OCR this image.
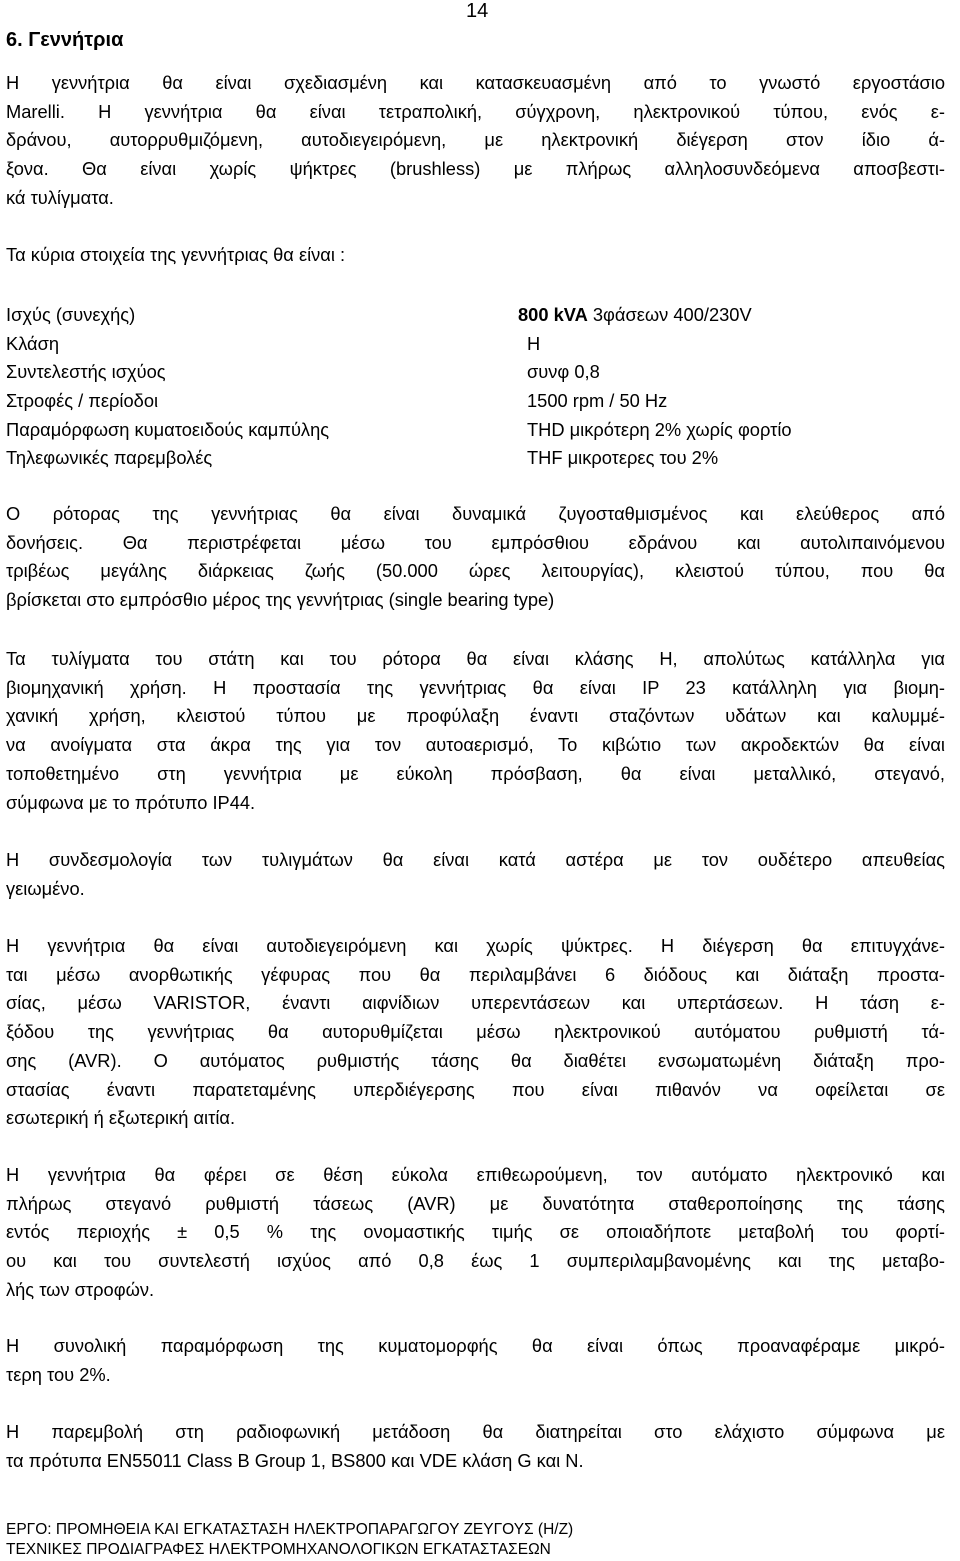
14
6. Γεννήτρια
Η γεννήτρια θα είναι σχεδιασμένη και κατασκευασμένη από το γνωστό εργοστάσιο
Marelli. Η γεννήτρια θα είναι τετραπολική, σύγχρονη, ηλεκτρονικού τύπου, ενός ε-
δράνου, αυτορρυθμιζόμενη, αυτοδιεγειρόμενη, με ηλεκτρονική διέγερση στον ίδιο ά-
ξονα. Θα είναι χωρίς ψήκτρες (brushless) με πλήρως αλληλοσυνδεόμενα αποσβεστι-
κά τυλίγματα.
Τα κύρια στοιχεία της γεννήτριας θα είναι :
Ισχύς (συνεχής)	800 kVA 3φάσεων 400/230V
Κλάση	Η
Συντελεστής ισχύος	συνφ 0,8
Στροφές / περίοδοι	1500 rpm / 50 Hz
Παραμόρφωση κυματοειδούς καμπύλης	THD μικρότερη 2% χωρίς φορτίο
Τηλεφωνικές παρεμβολές	THF μικροτερες του 2%
Ο ρότορας της γεννήτριας θα είναι δυναμικά ζυγοσταθμισμένος και ελεύθερος από
δονήσεις. Θα περιστρέφεται μέσω του εμπρόσθιου εδράνου και αυτολιπαινόμενου
τριβέως μεγάλης διάρκειας ζωής (50.000 ώρες λειτουργίας), κλειστού τύπου, που θα
βρίσκεται στο εμπρόσθιο μέρος της γεννήτριας (single bearing type)
Τα τυλίγματα του στάτη και του ρότορα θα είναι κλάσης Η, απολύτως κατάλληλα για
βιομηχανική χρήση. Η προστασία της γεννήτριας θα είναι IP 23 κατάλληλη για βιομη-
χανική χρήση, κλειστού τύπου με προφύλαξη έναντι σταζόντων υδάτων και καλυμμέ-
να ανοίγματα στα άκρα της για τον αυτοαερισμό, Το κιβώτιο των ακροδεκτών θα είναι
τοποθετημένο στη γεννήτρια με εύκολη πρόσβαση, θα είναι μεταλλικό, στεγανό,
σύμφωνα με το πρότυπο IP44.
Η συνδεσμολογία των τυλιγμάτων θα είναι κατά αστέρα με τον ουδέτερο απευθείας
γειωμένο.
Η γεννήτρια θα είναι αυτοδιεγειρόμενη και χωρίς ψύκτρες. Η διέγερση θα επιτυγχάνε-
ται μέσω ανορθωτικής γέφυρας που θα περιλαμβάνει 6 διόδους και διάταξη προστα-
σίας, μέσω VARISTOR, έναντι αιφνίδιων υπερεντάσεων και υπερτάσεων. Η τάση ε-
ξόδου της γεννήτριας θα αυτορυθμίζεται μέσω ηλεκτρονικού αυτόματου ρυθμιστή τά-
σης (AVR). Ο αυτόματος ρυθμιστής τάσης θα διαθέτει ενσωματωμένη διάταξη προ-
στασίας έναντι παρατεταμένης υπερδιέγερσης που είναι πιθανόν να οφείλεται σε
εσωτερική ή εξωτερική αιτία.
Η γεννήτρια θα φέρει σε θέση εύκολα επιθεωρούμενη, τον αυτόματο ηλεκτρονικό και
πλήρως στεγανό ρυθμιστή τάσεως (AVR) με δυνατότητα σταθεροποίησης της τάσης
εντός περιοχής ± 0,5 % της ονομαστικής τιμής σε οποιαδήποτε μεταβολή του φορτί-
ου και του συντελεστή ισχύος από 0,8 έως 1 συμπεριλαμβανομένης και της μεταβο-
λής των στροφών.
Η συνολική παραμόρφωση της κυματομορφής θα είναι όπως προαναφέραμε μικρό-
τερη του 2%.
Η παρεμβολή στη ραδιοφωνική μετάδοση θα διατηρείται στο ελάχιστο σύμφωνα με
τα πρότυπα EN55011 Class B Group 1, BS800 και VDE κλάση G και N.
ΕΡΓΟ: ΠΡΟΜΗΘΕΙΑ ΚΑΙ ΕΓΚΑΤΑΣΤΑΣΗ ΗΛΕΚΤΡΟΠΑΡΑΓΩΓΟΥ ΖΕΥΓΟΥΣ (Η/Ζ)
ΤΕΧΝΙΚΕΣ ΠΡΟΔΙΑΓΡΑΦΕΣ ΗΛΕΚΤΡΟΜΗΧΑΝΟΛΟΓΙΚΩΝ ΕΓΚΑΤΑΣΤΑΣΕΩΝ
